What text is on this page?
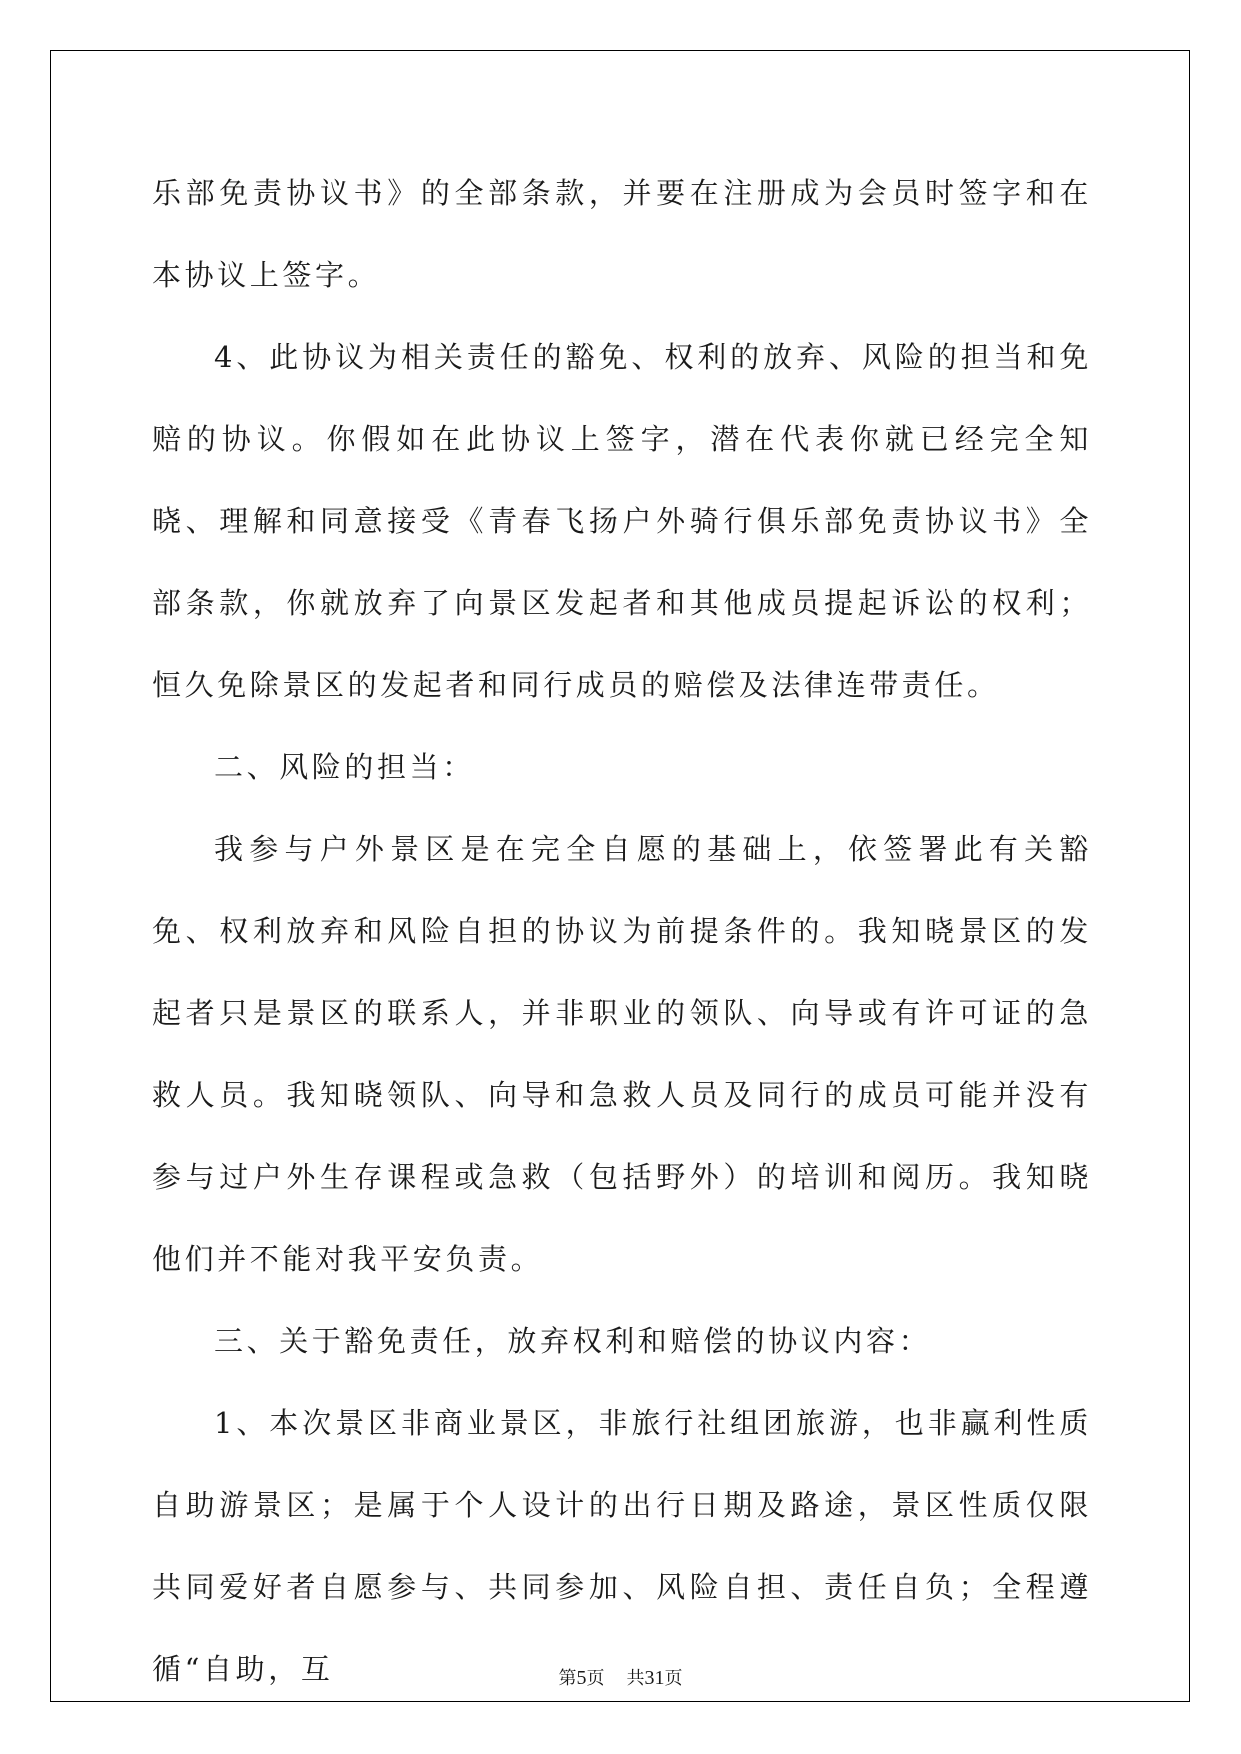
乐部免责协议书》的全部条款，并要在注册成为会员时签字和在本协议上签字。

4、此协议为相关责任的豁免、权利的放弃、风险的担当和免赔的协议。你假如在此协议上签字，潜在代表你就已经完全知晓、理解和同意接受《青春飞扬户外骑行俱乐部免责协议书》全部条款，你就放弃了向景区发起者和其他成员提起诉讼的权利；恒久免除景区的发起者和同行成员的赔偿及法律连带责任。

二、风险的担当：

我参与户外景区是在完全自愿的基础上，依签署此有关豁免、权利放弃和风险自担的协议为前提条件的。我知晓景区的发起者只是景区的联系人，并非职业的领队、向导或有许可证的急救人员。我知晓领队、向导和急救人员及同行的成员可能并没有参与过户外生存课程或急救（包括野外）的培训和阅历。我知晓他们并不能对我平安负责。

三、关于豁免责任，放弃权利和赔偿的协议内容：

1、本次景区非商业景区，非旅行社组团旅游，也非赢利性质自助游景区；是属于个人设计的出行日期及路途，景区性质仅限共同爱好者自愿参与、共同参加、风险自担、责任自负；全程遵循“自助，互	第5页 共31页
